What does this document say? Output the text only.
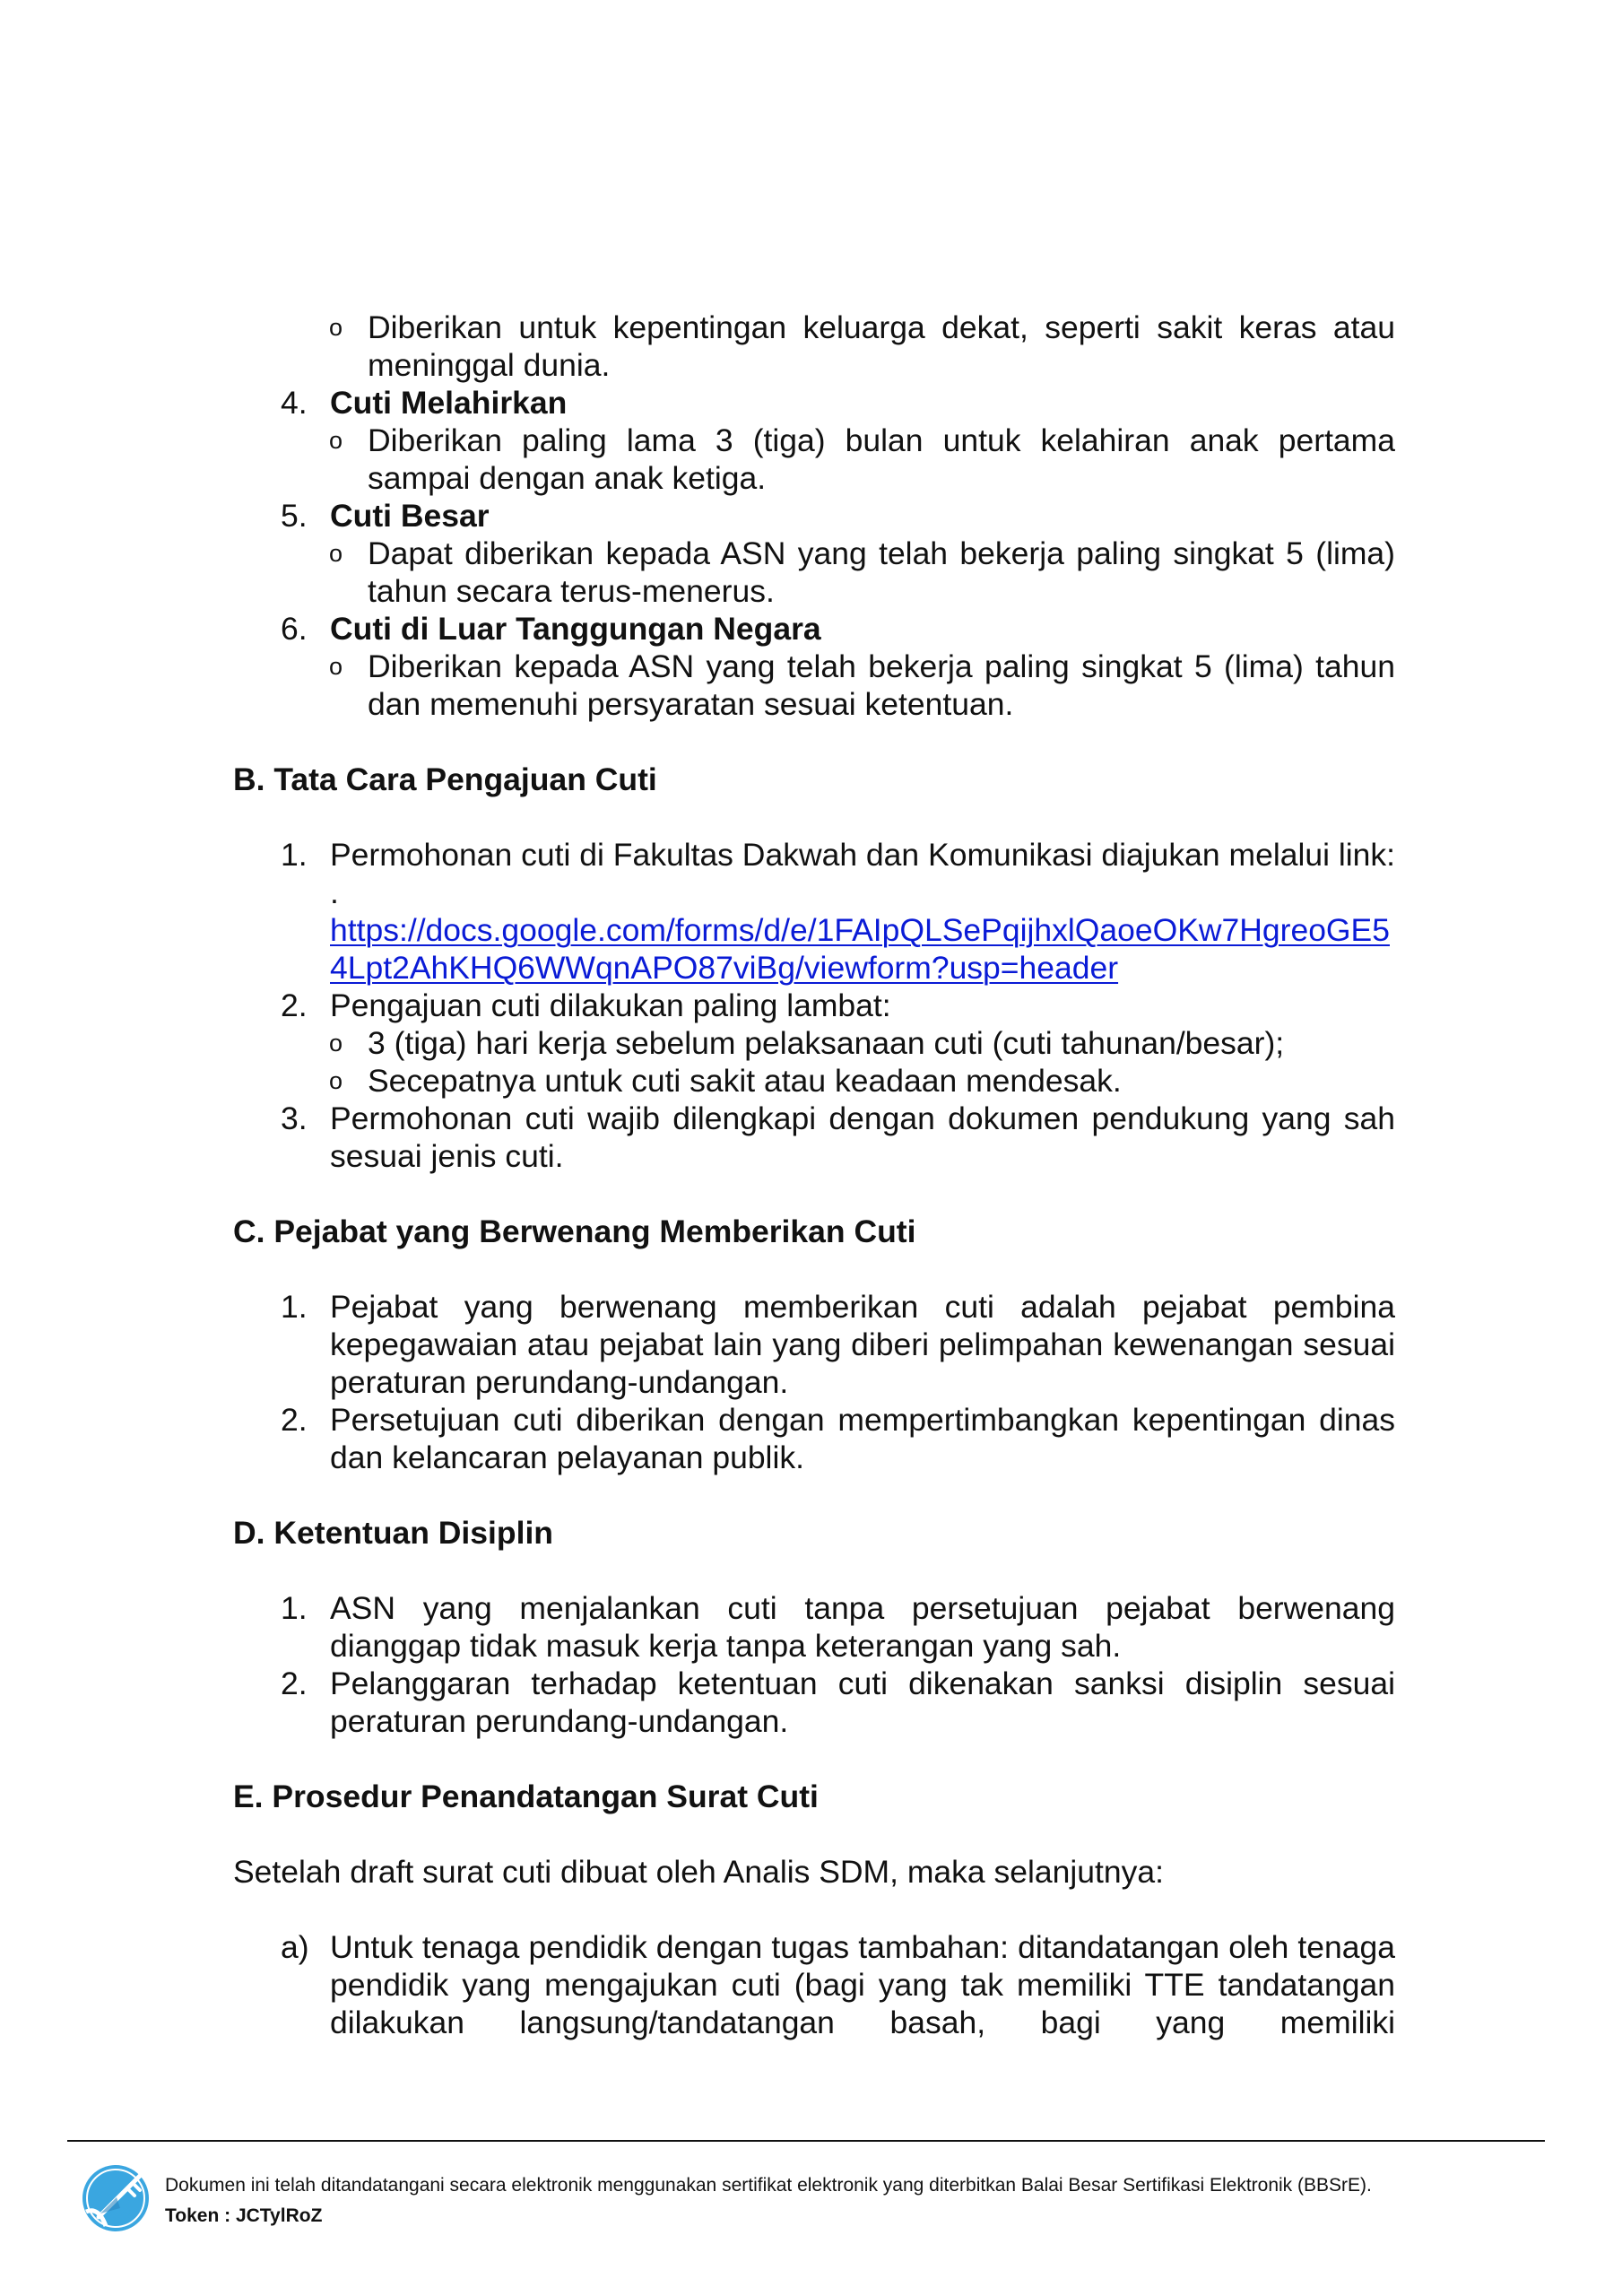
o Diberikan untuk kepentingan keluarga dekat, seperti sakit keras atau meninggal dunia.
4. Cuti Melahirkan
o Diberikan paling lama 3 (tiga) bulan untuk kelahiran anak pertama sampai dengan anak ketiga.
5. Cuti Besar
o Dapat diberikan kepada ASN yang telah bekerja paling singkat 5 (lima) tahun secara terus-menerus.
6. Cuti di Luar Tanggungan Negara
o Diberikan kepada ASN yang telah bekerja paling singkat 5 (lima) tahun dan memenuhi persyaratan sesuai ketentuan.
B. Tata Cara Pengajuan Cuti
1. Permohonan cuti di Fakultas Dakwah dan Komunikasi diajukan melalui link: .
https://docs.google.com/forms/d/e/1FAIpQLSePqijhxlQaoeOKw7HgreoGE54Lpt2AhKHQ6WWqnAPO87viBg/viewform?usp=header
2. Pengajuan cuti dilakukan paling lambat:
o 3 (tiga) hari kerja sebelum pelaksanaan cuti (cuti tahunan/besar);
o Secepatnya untuk cuti sakit atau keadaan mendesak.
3. Permohonan cuti wajib dilengkapi dengan dokumen pendukung yang sah sesuai jenis cuti.
C. Pejabat yang Berwenang Memberikan Cuti
1. Pejabat yang berwenang memberikan cuti adalah pejabat pembina kepegawaian atau pejabat lain yang diberi pelimpahan kewenangan sesuai peraturan perundang-undangan.
2. Persetujuan cuti diberikan dengan mempertimbangkan kepentingan dinas dan kelancaran pelayanan publik.
D. Ketentuan Disiplin
1. ASN yang menjalankan cuti tanpa persetujuan pejabat berwenang dianggap tidak masuk kerja tanpa keterangan yang sah.
2. Pelanggaran terhadap ketentuan cuti dikenakan sanksi disiplin sesuai peraturan perundang-undangan.
E. Prosedur Penandatangan Surat Cuti
Setelah draft surat cuti dibuat oleh Analis SDM, maka selanjutnya:
a) Untuk tenaga pendidik dengan tugas tambahan: ditandatangan oleh tenaga pendidik yang mengajukan cuti (bagi yang tak memiliki TTE tandatangan dilakukan langsung/tandatangan basah, bagi yang memiliki
Dokumen ini telah ditandatangani secara elektronik menggunakan sertifikat elektronik yang diterbitkan Balai Besar Sertifikasi Elektronik (BBSrE).
Token : JCTylRoZ
